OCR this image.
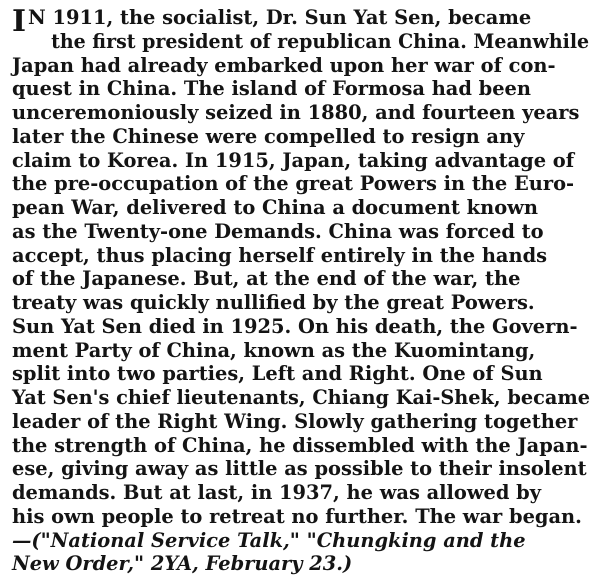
I N 1911, the socialist, Dr. Sun Yat Sen, became
the first president of republican China. Meanwhile
Japan had already embarked upon her war of con-
quest in China. The island of Formosa had been
unceremoniously seized in 1880, and fourteen years
later the Chinese were compelled to resign any
claim to Korea. In 1915, Japan, taking advantage of
the pre-occupation of the great Powers in the Euro-
pean War, delivered to China a document known
as the Twenty-one Demands. China was forced to
accept, thus placing herself entirely in the hands
of the Japanese. But, at the end of the war, the
treaty was quickly nullified by the great Powers.
Sun Yat Sen died in 1925. On his death, the Govern-
ment Party of China, known as the Kuomintang,
split into two parties, Left and Right. One of Sun
Yat Sen's chief lieutenants, Chiang Kai-Shek, became
leader of the Right Wing. Slowly gathering together
the strength of China, he dissembled with the Japan-
ese, giving away as little as possible to their insolent
demands. But at last, in 1937, he was allowed by
his own people to retreat no further. The war began.
—("National Service Talk," "Chungking and the
New Order," 2YA, February 23.)
